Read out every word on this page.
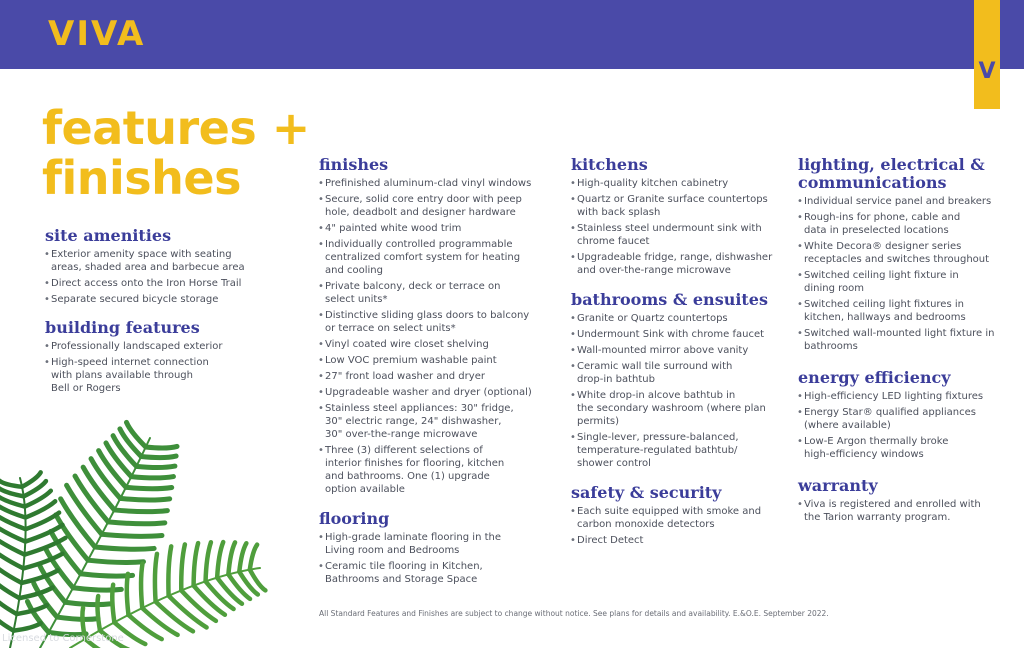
VIVA
V
features +
finishes
site amenities
• Exterior amenity space with seating
areas, shaded area and barbecue area
• Direct access onto the Iron Horse Trail
• Separate secured bicycle storage
building features
• Professionally landscaped exterior
• High-speed internet connection
with plans available through
Bell or Rogers
finishes
• Prefinished aluminum-clad vinyl windows
• Secure, solid core entry door with peep
hole, deadbolt and designer hardware
• 4" painted white wood trim
• Individually controlled programmable
centralized comfort system for heating
and cooling
• Private balcony, deck or terrace on
select units*
• Distinctive sliding glass doors to balcony
or terrace on select units*
• Vinyl coated wire closet shelving
• Low VOC premium washable paint
• 27" front load washer and dryer
• Upgradeable washer and dryer (optional)
• Stainless steel appliances: 30" fridge,
30" electric range, 24" dishwasher,
30" over-the-range microwave
• Three (3) different selections of
interior finishes for flooring, kitchen
and bathrooms. One (1) upgrade
option available
flooring
• High-grade laminate flooring in the
Living room and Bedrooms
• Ceramic tile flooring in Kitchen,
Bathrooms and Storage Space
kitchens
• High-quality kitchen cabinetry
• Quartz or Granite surface countertops
with back splash
• Stainless steel undermount sink with
chrome faucet
• Upgradeable fridge, range, dishwasher
and over-the-range microwave
bathrooms & ensuites
• Granite or Quartz countertops
• Undermount Sink with chrome faucet
• Wall-mounted mirror above vanity
• Ceramic wall tile surround with
drop-in bathtub
• White drop-in alcove bathtub in
the secondary washroom (where plan
permits)
• Single-lever, pressure-balanced,
temperature-regulated bathtub/
shower control
safety & security
• Each suite equipped with smoke and
carbon monoxide detectors
• Direct Detect
lighting, electrical &
communications
• Individual service panel and breakers
• Rough-ins for phone, cable and
data in preselected locations
• White Decora® designer series
receptacles and switches throughout
• Switched ceiling light fixture in
dining room
• Switched ceiling light fixtures in
kitchen, hallways and bedrooms
• Switched wall-mounted light fixture in
bathrooms
energy efficiency
• High-efficiency LED lighting fixtures
• Energy Star® qualified appliances
(where available)
• Low-E Argon thermally broke
high-efficiency windows
warranty
• Viva is registered and enrolled with
the Tarion warranty program.
All Standard Features and Finishes are subject to change without notice. See plans for details and availability. E.&O.E. September 2022.
Licensed to Cornerstone
